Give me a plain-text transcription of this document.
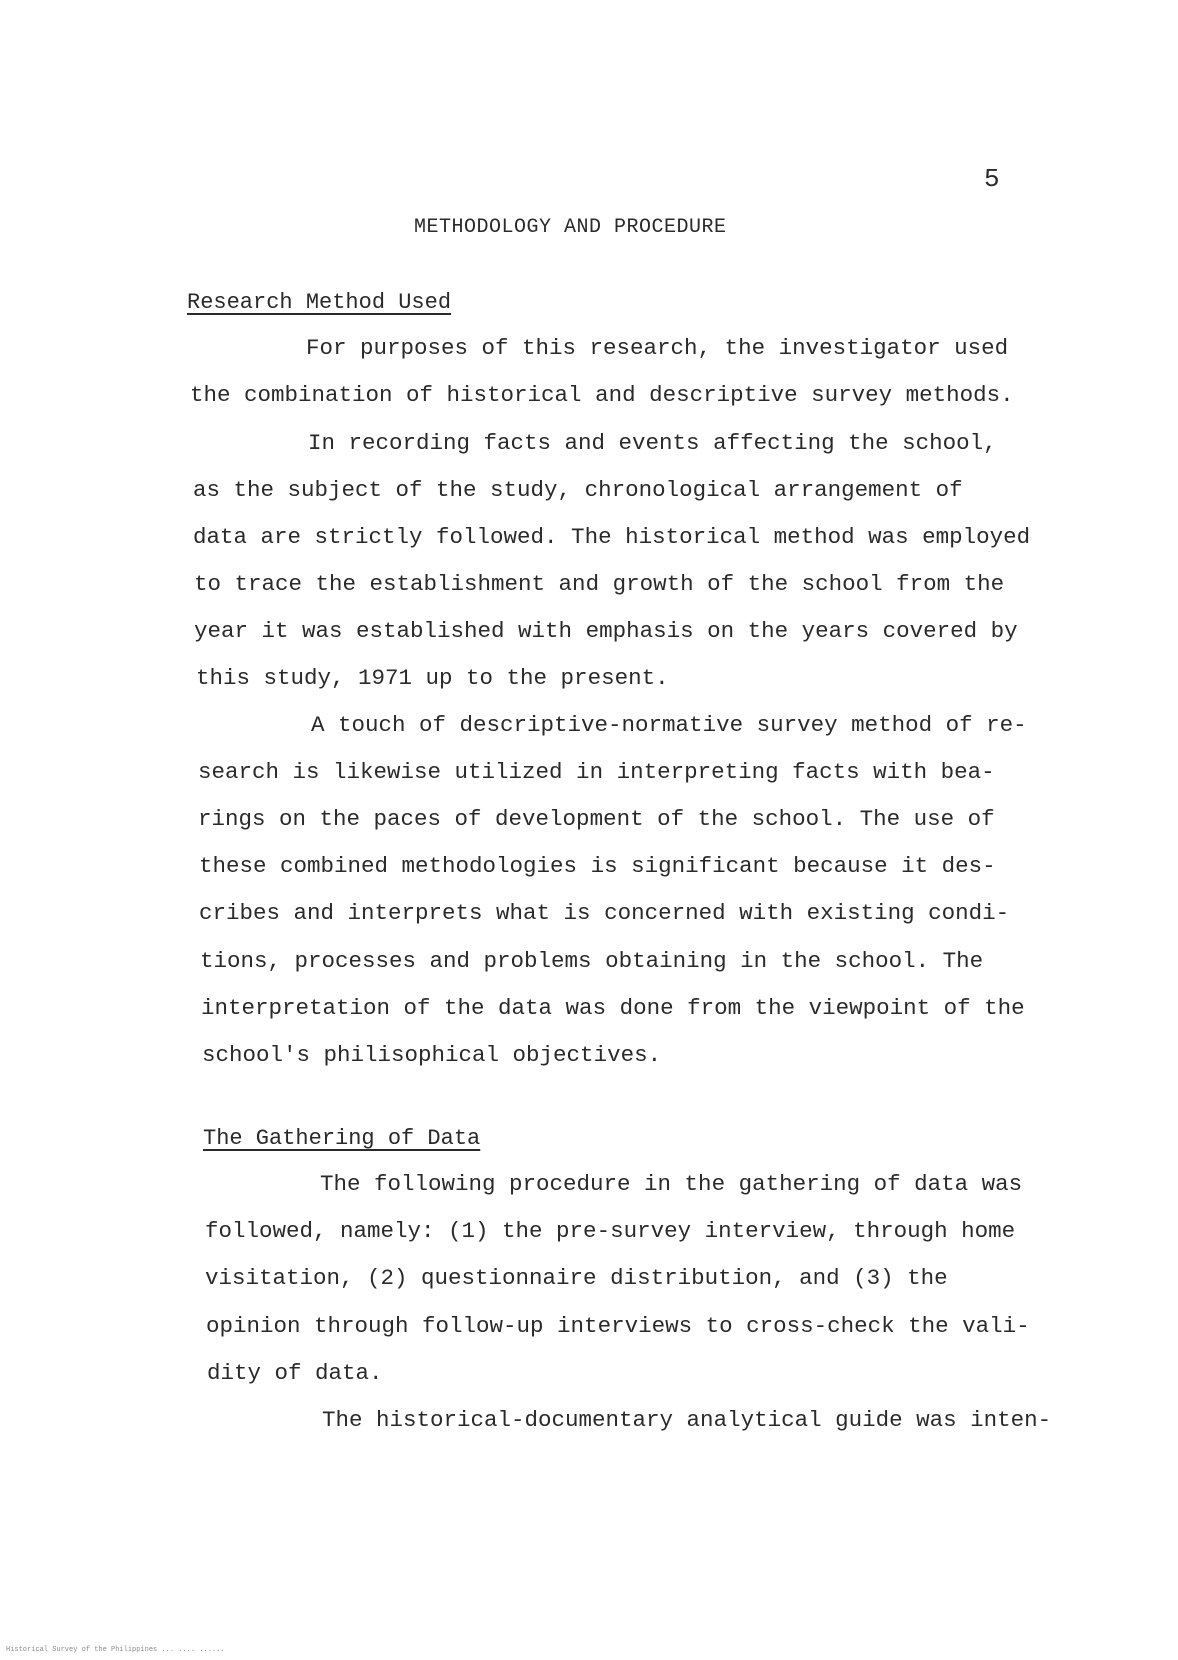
5
METHODOLOGY AND PROCEDURE
Research Method Used
For purposes of this research, the investigator used
the combination of historical and descriptive survey methods.
In recording facts and events affecting the school,
as the subject of the study, chronological arrangement of
data are strictly followed. The historical method was employed
to trace the establishment and growth of the school from the
year it was established with emphasis on the years covered by
this study, 1971 up to the present.
A touch of descriptive-normative survey method of re-
search is likewise utilized in interpreting facts with bea-
rings on the paces of development of the school. The use of
these combined methodologies is significant because it des-
cribes and interprets what is concerned with existing condi-
tions, processes and problems obtaining in the school. The
interpretation of the data was done from the viewpoint of the
school's philisophical objectives.
The Gathering of Data
The following procedure in the gathering of data was
followed, namely: (1) the pre-survey interview, through home
visitation, (2) questionnaire distribution, and (3) the
opinion through follow-up interviews to cross-check the vali-
dity of data.
The historical-documentary analytical guide was inten-
Historical Survey of the Philippines ... .... ......
